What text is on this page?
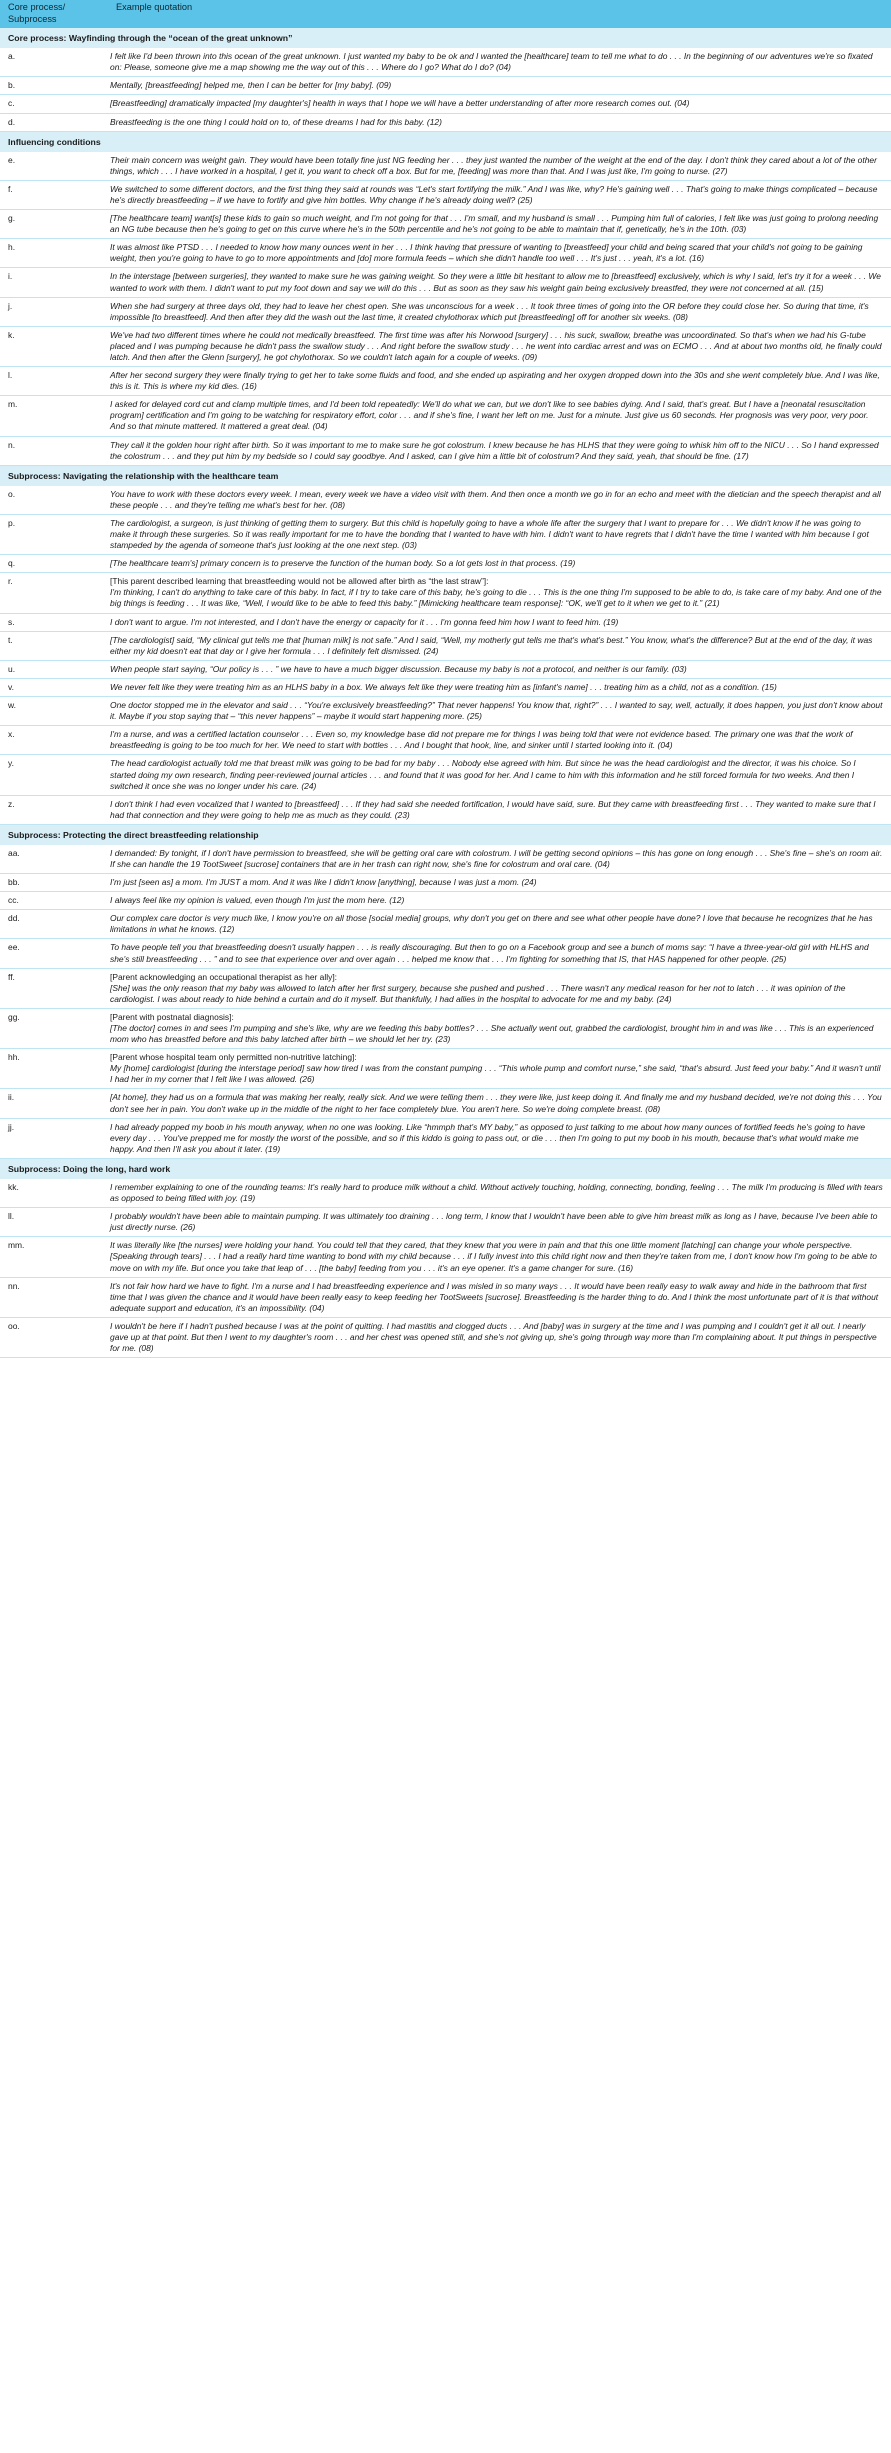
Core process/ Subprocess	Example quotation
Core process: Wayfinding through the “ocean of the great unknown”	
a.	I felt like I'd been thrown into this ocean of the great unknown. I just wanted my baby to be ok and I wanted the [healthcare] team to tell me what to do . . . In the beginning of our adventures we're so fixated on: Please, someone give me a map showing me the way out of this . . . Where do I go? What do I do? (04)
b.	Mentally, [breastfeeding] helped me, then I can be better for [my baby]. (09)
c.	[Breastfeeding] dramatically impacted [my daughter's] health in ways that I hope we will have a better understanding of after more research comes out. (04)
d.	Breastfeeding is the one thing I could hold on to, of these dreams I had for this baby. (12)
Influencing conditions	
e.	Their main concern was weight gain. They would have been totally fine just NG feeding her . . . they just wanted the number of the weight at the end of the day. I don't think they cared about a lot of the other things, which . . . I have worked in a hospital, I get it, you want to check off a box. But for me, [feeding] was more than that. And I was just like, I'm going to nurse. (27)
f.	We switched to some different doctors, and the first thing they said at rounds was “Let's start fortifying the milk.” And I was like, why? He's gaining well . . . That's going to make things complicated – because he's directly breastfeeding – if we have to fortify and give him bottles. Why change if he's already doing well? (25)
g.	[The healthcare team] want[s] these kids to gain so much weight, and I'm not going for that . . . I'm small, and my husband is small . . . Pumping him full of calories, I felt like was just going to prolong needing an NG tube because then he's going to get on this curve where he's in the 50th percentile and he's not going to be able to maintain that if, genetically, he's in the 10th. (03)
h.	It was almost like PTSD . . . I needed to know how many ounces went in her . . . I think having that pressure of wanting to [breastfeed] your child and being scared that your child's not going to be gaining weight, then you're going to have to go to more appointments and [do] more formula feeds – which she didn't handle too well . . . It's just . . . yeah, it's a lot. (16)
i.	In the interstage [between surgeries], they wanted to make sure he was gaining weight. So they were a little bit hesitant to allow me to [breastfeed] exclusively, which is why I said, let's try it for a week . . . We wanted to work with them. I didn't want to put my foot down and say we will do this . . . But as soon as they saw his weight gain being exclusively breastfed, they were not concerned at all. (15)
j.	When she had surgery at three days old, they had to leave her chest open. She was unconscious for a week . . . It took three times of going into the OR before they could close her. So during that time, it's impossible [to breastfeed]. And then after they did the wash out the last time, it created chylothorax which put [breastfeeding] off for another six weeks. (08)
k.	We've had two different times where he could not medically breastfeed. The first time was after his Norwood [surgery] . . . his suck, swallow, breathe was uncoordinated. So that's when we had his G-tube placed and I was pumping because he didn't pass the swallow study . . . And right before the swallow study . . . he went into cardiac arrest and was on ECMO . . . And at about two months old, he finally could latch. And then after the Glenn [surgery], he got chylothorax. So we couldn't latch again for a couple of weeks. (09)
l.	After her second surgery they were finally trying to get her to take some fluids and food, and she ended up aspirating and her oxygen dropped down into the 30s and she went completely blue. And I was like, this is it. This is where my kid dies. (16)
m.	I asked for delayed cord cut and clamp multiple times, and I'd been told repeatedly: We'll do what we can, but we don't like to see babies dying. And I said, that's great. But I have a [neonatal resuscitation program] certification and I'm going to be watching for respiratory effort, color . . . and if she's fine, I want her left on me. Just for a minute. Just give us 60 seconds. Her prognosis was very poor, very poor. And so that minute mattered. It mattered a great deal. (04)
n.	They call it the golden hour right after birth. So it was important to me to make sure he got colostrum. I knew because he has HLHS that they were going to whisk him off to the NICU . . . So I hand expressed the colostrum . . . and they put him by my bedside so I could say goodbye. And I asked, can I give him a little bit of colostrum? And they said, yeah, that should be fine. (17)
Subprocess: Navigating the relationship with the healthcare team	
o.	You have to work with these doctors every week. I mean, every week we have a video visit with them. And then once a month we go in for an echo and meet with the dietician and the speech therapist and all these people . . . and they're telling me what's best for her. (08)
p.	The cardiologist, a surgeon, is just thinking of getting them to surgery. But this child is hopefully going to have a whole life after the surgery that I want to prepare for . . . We didn't know if he was going to make it through these surgeries. So it was really important for me to have the bonding that I wanted to have with him. I didn't want to have regrets that I didn't have the time I wanted with him because I got stampeded by the agenda of someone that's just looking at the one next step. (03)
q.	[The healthcare team's] primary concern is to preserve the function of the human body. So a lot gets lost in that process. (19)
r.	[This parent described learning that breastfeeding would not be allowed after birth as “the last straw”]:
I'm thinking, I can't do anything to take care of this baby. In fact, if I try to take care of this baby, he's going to die . . . This is the one thing I'm supposed to be able to do, is take care of my baby. And one of the big things is feeding . . . It was like, “Well, I would like to be able to feed this baby.” [Mimicking healthcare team response]: “OK, we'll get to it when we get to it.” (21)
s.	I don't want to argue. I'm not interested, and I don't have the energy or capacity for it . . . I'm gonna feed him how I want to feed him. (19)
t.	[The cardiologist] said, “My clinical gut tells me that [human milk] is not safe.” And I said, “Well, my motherly gut tells me that's what's best.” You know, what's the difference? But at the end of the day, it was either my kid doesn't eat that day or I give her formula . . . I definitely felt dismissed. (24)
u.	When people start saying, “Our policy is . . . ” we have to have a much bigger discussion. Because my baby is not a protocol, and neither is our family. (03)
v.	We never felt like they were treating him as an HLHS baby in a box. We always felt like they were treating him as [infant's name] . . . treating him as a child, not as a condition. (15)
w.	One doctor stopped me in the elevator and said . . . “You're exclusively breastfeeding?” That never happens! You know that, right?” . . . I wanted to say, well, actually, it does happen, you just don't know about it. Maybe if you stop saying that – “this never happens” – maybe it would start happening more. (25)
x.	I'm a nurse, and was a certified lactation counselor . . . Even so, my knowledge base did not prepare me for things I was being told that were not evidence based. The primary one was that the work of breastfeeding is going to be too much for her. We need to start with bottles . . . And I bought that hook, line, and sinker until I started looking into it. (04)
y.	The head cardiologist actually told me that breast milk was going to be bad for my baby . . . Nobody else agreed with him. But since he was the head cardiologist and the director, it was his choice. So I started doing my own research, finding peer-reviewed journal articles . . . and found that it was good for her. And I came to him with this information and he still forced formula for two weeks. And then I switched it once she was no longer under his care. (24)
z.	I don't think I had even vocalized that I wanted to [breastfeed] . . . If they had said she needed fortification, I would have said, sure. But they came with breastfeeding first . . . They wanted to make sure that I had that connection and they were going to help me as much as they could. (23)
Subprocess: Protecting the direct breastfeeding relationship	
aa.	I demanded: By tonight, if I don't have permission to breastfeed, she will be getting oral care with colostrum. I will be getting second opinions – this has gone on long enough . . . She's fine – she's on room air. If she can handle the 19 TootSweet [sucrose] containers that are in her trash can right now, she's fine for colostrum and oral care. (04)
bb.	I'm just [seen as] a mom. I'm JUST a mom. And it was like I didn't know [anything], because I was just a mom. (24)
cc.	I always feel like my opinion is valued, even though I'm just the mom here. (12)
dd.	Our complex care doctor is very much like, I know you're on all those [social media] groups, why don't you get on there and see what other people have done? I love that because he recognizes that he has limitations in what he knows. (12)
ee.	To have people tell you that breastfeeding doesn't usually happen . . . is really discouraging. But then to go on a Facebook group and see a bunch of moms say: “I have a three-year-old girl with HLHS and she's still breastfeeding . . . ” and to see that experience over and over again . . . helped me know that . . . I'm fighting for something that IS, that HAS happened for other people. (25)
ff.	[Parent acknowledging an occupational therapist as her ally]:
[She] was the only reason that my baby was allowed to latch after her first surgery, because she pushed and pushed . . . There wasn't any medical reason for her not to latch . . . it was opinion of the cardiologist. I was about ready to hide behind a curtain and do it myself. But thankfully, I had allies in the hospital to advocate for me and my baby. (24)
gg.	[Parent with postnatal diagnosis]:
[The doctor] comes in and sees I'm pumping and she's like, why are we feeding this baby bottles? . . . She actually went out, grabbed the cardiologist, brought him in and was like . . . This is an experienced mom who has breastfed before and this baby latched after birth – we should let her try. (23)
hh.	[Parent whose hospital team only permitted non-nutritive latching]:
My [home] cardiologist [during the interstage period] saw how tired I was from the constant pumping . . . “This whole pump and comfort nurse,” she said, “that's absurd. Just feed your baby.” And it wasn't until I had her in my corner that I felt like I was allowed. (26)
ii.	[At home], they had us on a formula that was making her really, really sick. And we were telling them . . . they were like, just keep doing it. And finally me and my husband decided, we're not doing this . . . You don't see her in pain. You don't wake up in the middle of the night to her face completely blue. You aren't here. So we're doing complete breast. (08)
jj.	I had already popped my boob in his mouth anyway, when no one was looking. Like “hmmph that's MY baby,” as opposed to just talking to me about how many ounces of fortified feeds he's going to have every day . . . You've prepped me for mostly the worst of the possible, and so if this kiddo is going to pass out, or die . . . then I'm going to put my boob in his mouth, because that's what would make me happy. And then I'll ask you about it later. (19)
Subprocess: Doing the long, hard work	
kk.	I remember explaining to one of the rounding teams: It's really hard to produce milk without a child. Without actively touching, holding, connecting, bonding, feeling . . . The milk I'm producing is filled with tears as opposed to being filled with joy. (19)
ll.	I probably wouldn't have been able to maintain pumping. It was ultimately too draining . . . long term, I know that I wouldn't have been able to give him breast milk as long as I have, because I've been able to just directly nurse. (26)
mm.	It was literally like [the nurses] were holding your hand. You could tell that they cared, that they knew that you were in pain and that this one little moment [latching] can change your whole perspective. [Speaking through tears] . . . I had a really hard time wanting to bond with my child because . . . if I fully invest into this child right now and then they're taken from me, I don't know how I'm going to be able to move on with my life. But once you take that leap of . . . [the baby] feeding from you . . . it's an eye opener. It's a game changer for sure. (16)
nn.	It's not fair how hard we have to fight. I'm a nurse and I had breastfeeding experience and I was misled in so many ways . . . It would have been really easy to walk away and hide in the bathroom that first time that I was given the chance and it would have been really easy to keep feeding her TootSweets [sucrose]. Breastfeeding is the harder thing to do. And I think the most unfortunate part of it is that without adequate support and education, it's an impossibility. (04)
oo.	I wouldn't be here if I hadn't pushed because I was at the point of quitting. I had mastitis and clogged ducts . . . And [baby] was in surgery at the time and I was pumping and I couldn't get it all out. I nearly gave up at that point. But then I went to my daughter's room . . . and her chest was opened still, and she's not giving up, she's going through way more than I'm complaining about. It put things in perspective for me. (08)
